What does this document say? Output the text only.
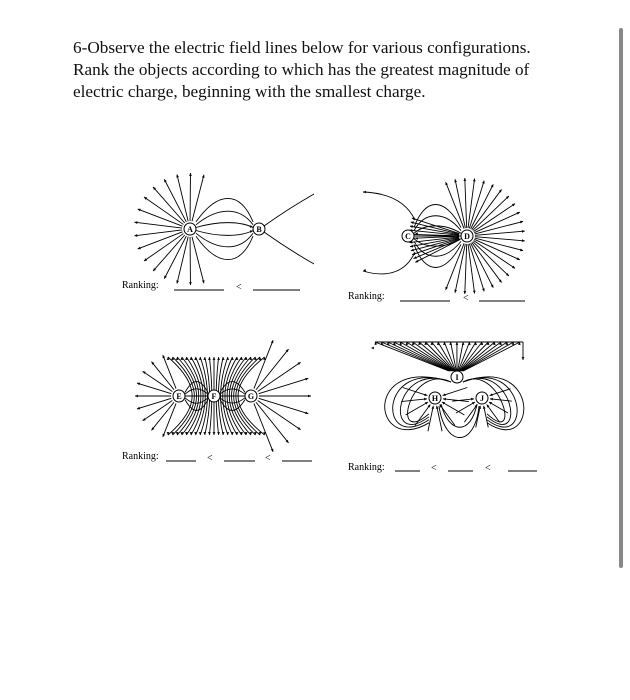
6-Observe the electric field lines below for various configurations. Rank the objects according to which has the greatest magnitude of electric charge, beginning with the smallest charge.

A	B
Ranking:	<
C	D
Ranking:	<
E	F	G
Ranking:	<	<
I
H	J
Ranking:	<	<
